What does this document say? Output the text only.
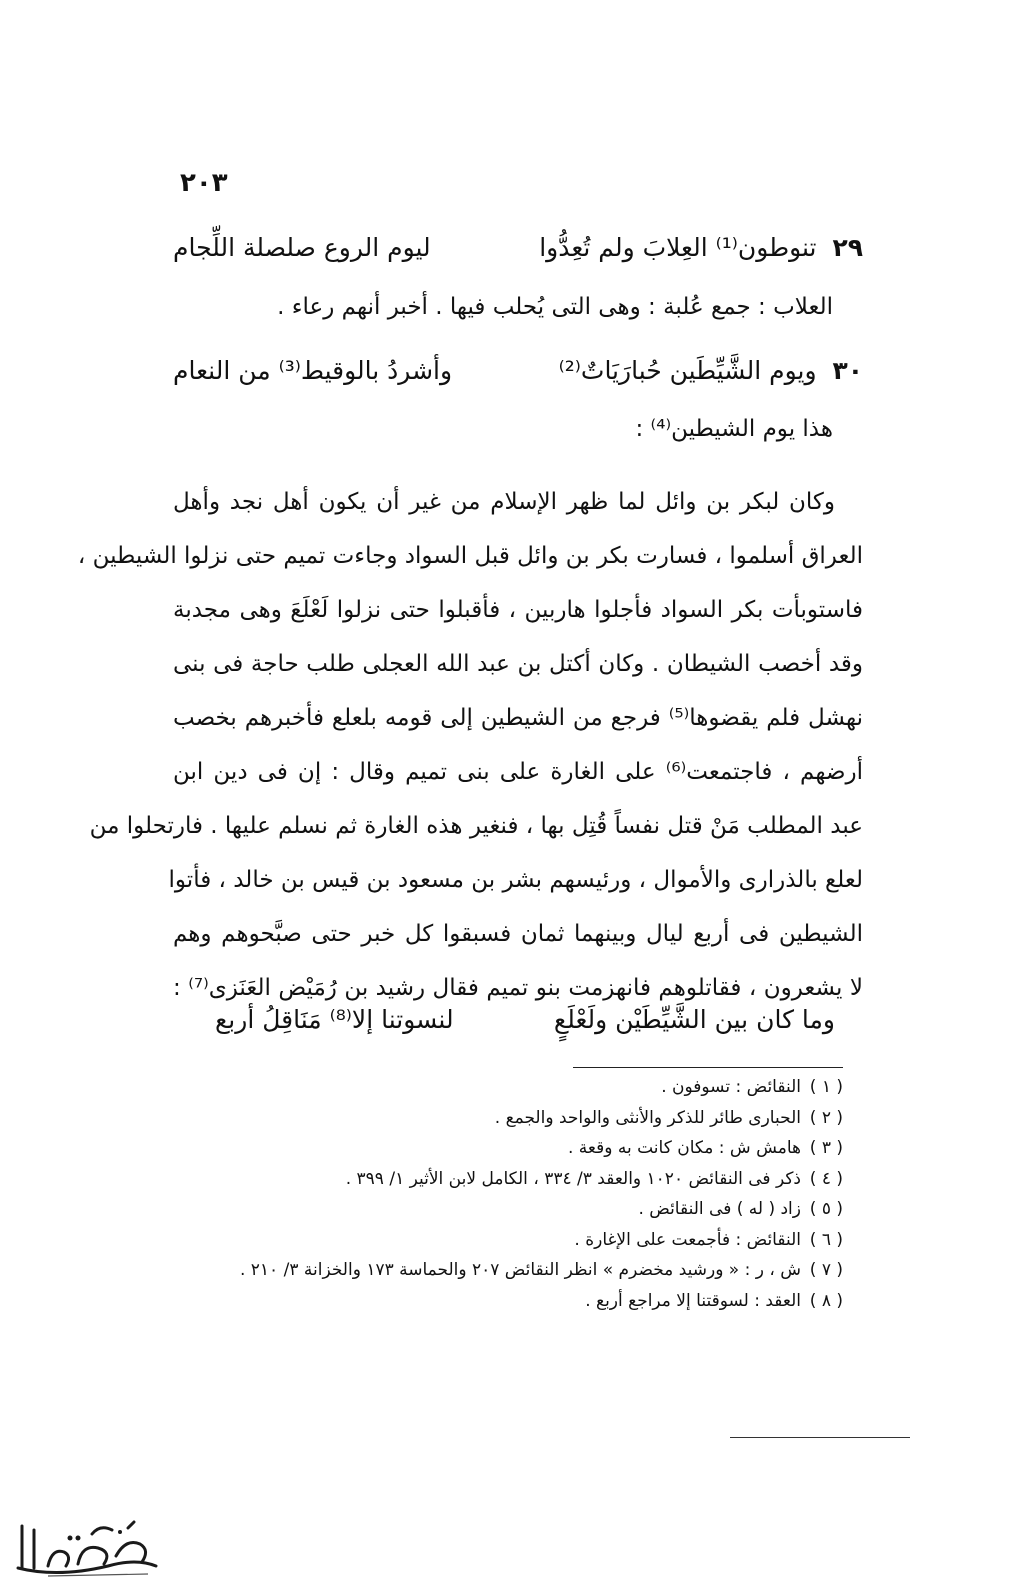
٢٠٣
٢٩ تنوطون⁽¹⁾ العِلابَ ولم تُعِدُّوا
ليوم الروع صلصلة اللِّجام
العلاب : جمع عُلبة : وهى التى يُحلب فيها . أخبر أنهم رعاء .
٣٠ ويوم الشَّيِّطَين حُبارَيَاتٌ⁽²⁾
وأشردُ بالوقيط⁽³⁾ من النعام
هذا يوم الشيطين⁽⁴⁾ :
وكان لبكر بن وائل لما ظهر الإسلام من غير أن يكون أهل نجد وأهل
العراق أسلموا ، فسارت بكر بن وائل قبل السواد وجاءت تميم حتى نزلوا الشيطين ،
فاستوبأت بكر السواد فأجلوا هاربين ، فأقبلوا حتى نزلوا لَعْلَعَ وهى مجدبة
وقد أخصب الشيطان . وكان أكتل بن عبد الله العجلى طلب حاجة فى بنى
نهشل فلم يقضوها⁽⁵⁾ فرجع من الشيطين إلى قومه بلعلع فأخبرهم بخصب
أرضهم ، فاجتمعت⁽⁶⁾ على الغارة على بنى تميم وقال : إن فى دين ابن
عبد المطلب مَنْ قتل نفساً قُتِل بها ، فنغير هذه الغارة ثم نسلم عليها . فارتحلوا من
لعلع بالذرارى والأموال ، ورئيسهم بشر بن مسعود بن قيس بن خالد ، فأتوا
الشيطين فى أربع ليال وبينهما ثمان فسبقوا كل خبر حتى صبَّحوهم وهم
لا يشعرون ، فقاتلوهم فانهزمت بنو تميم فقال رشيد بن رُمَيْض العَنَزى⁽⁷⁾ :
وما كان بين الشَّيِّطَيْن ولَعْلَعٍ
لنسوتنا إلا⁽⁸⁾ مَنَاقِلُ أربع
( ١ )النقائض : تسوفون .
( ٢ )الحبارى طائر للذكر والأنثى والواحد والجمع .
( ٣ )هامش ش : مكان كانت به وقعة .
( ٤ )ذكر فى النقائض ١٠٢٠ والعقد ٣/ ٣٣٤ ، الكامل لابن الأثير ١/ ٣٩٩ .
( ٥ )زاد ( له ) فى النقائض .
( ٦ )النقائض : فأجمعت على الإغارة .
( ٧ )ش ، ر : « ورشيد مخضرم » انظر النقائض ٢٠٧ والحماسة ١٧٣ والخزانة ٣/ ٢١٠ .
( ٨ )العقد : لسوقتنا إلا مراجع أربع .
